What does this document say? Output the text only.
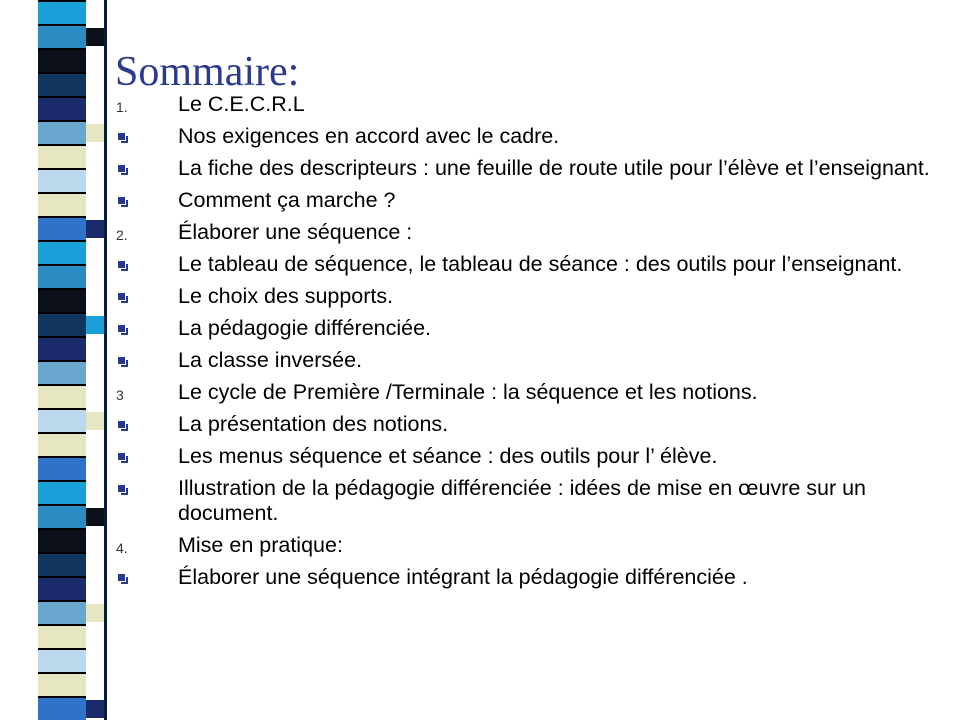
Sommaire:
1.	Le C.E.C.R.L
Nos exigences en accord avec le cadre.
La fiche des descripteurs : une feuille de route utile pour l’élève et l’enseignant.
Comment ça marche ?
2.	Élaborer une séquence :
Le tableau de séquence, le tableau de séance : des outils pour l’enseignant.
Le choix des supports.
La pédagogie différenciée.
La classe inversée.
3	Le cycle de Première /Terminale : la séquence et les notions.
La présentation des notions.
Les menus séquence et séance : des outils pour l’ élève.
Illustration de la pédagogie différenciée : idées de mise en œuvre sur un document.
4.	Mise en pratique:
Élaborer une séquence intégrant la pédagogie différenciée .
